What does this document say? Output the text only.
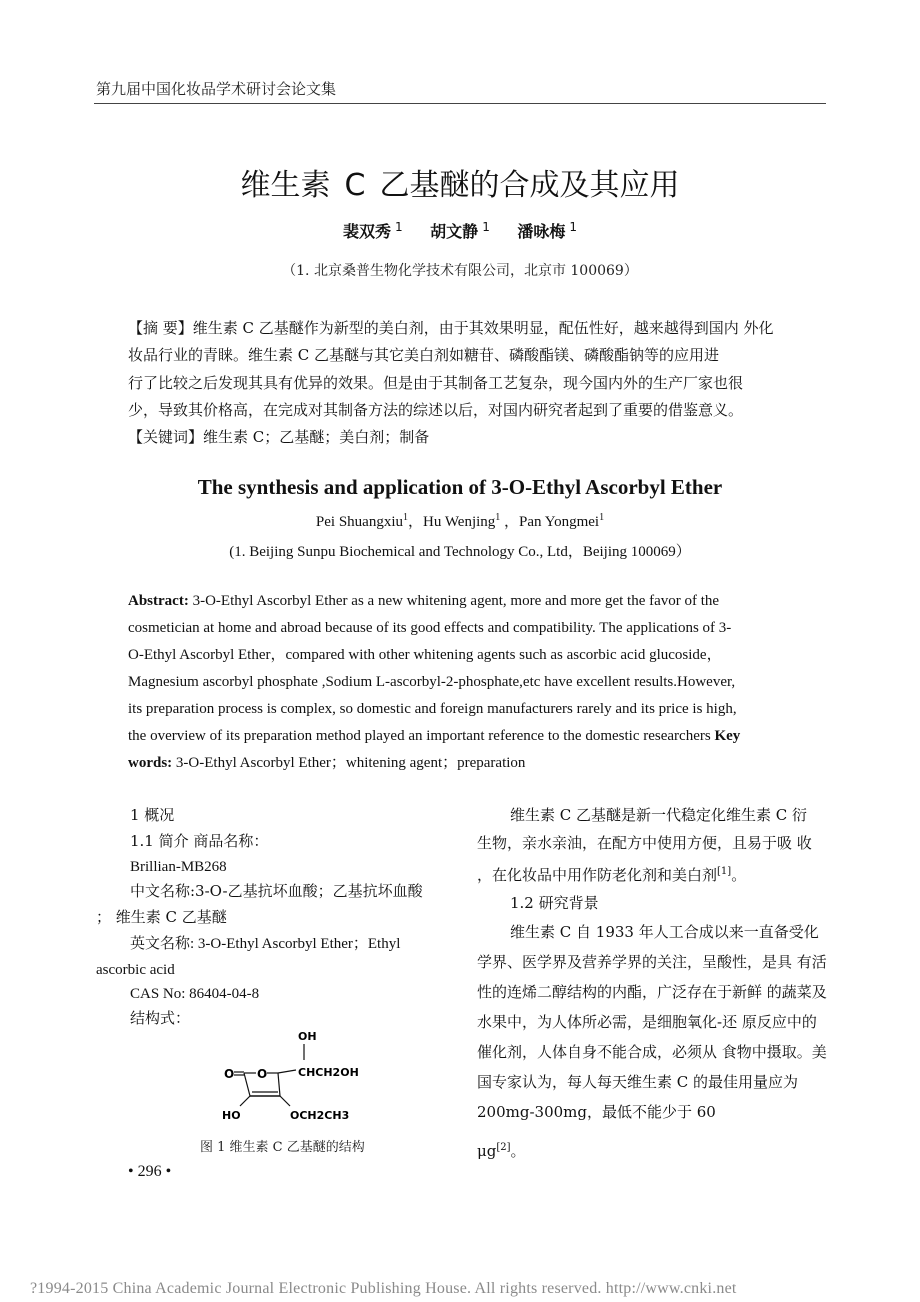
第九届中国化妆品学术研讨会论文集
维生素 C 乙基醚的合成及其应用
裴双秀 $^1$ 胡文静 $^1$ 潘咏梅 $^1$
（1. 北京桑普生物化学技术有限公司，北京市 100069）
【摘 要】维生素 C 乙基醚作为新型的美白剂，由于其效果明显，配伍性好，越来越得到国内 外化
妆品行业的青睐。维生素 C 乙基醚与其它美白剂如糖苷、磷酸酯镁、磷酸酯钠等的应用进
行了比较之后发现其具有优异的效果。但是由于其制备工艺复杂，现今国内外的生产厂家也很
少，导致其价格高，在完成对其制备方法的综述以后，对国内研究者起到了重要的借鉴意义。
【关键词】维生素 C；乙基醚；美白剂；制备
The synthesis and application of 3-O-Ethyl Ascorbyl Ether
Pei Shuangxiu$^1$，Hu Wenjing$^1$ ，Pan Yongmei$^1$
(1. Beijing Sunpu Biochemical and Technology Co., Ltd，Beijing 100069）
Abstract: 3-O-Ethyl Ascorbyl Ether as a new whitening agent, more and more get the favor of the
cosmetician at home and abroad because of its good effects and compatibility. The applications of 3-
O-Ethyl Ascorbyl Ether，compared with other whitening agents such as ascorbic acid glucoside，
Magnesium ascorbyl phosphate ,Sodium L-ascorbyl-2-phosphate,etc have excellent results.However,
its preparation process is complex, so domestic and foreign manufacturers rarely and its price is high,
the overview of its preparation method played an important reference to the domestic researchers Key
words: 3-O-Ethyl Ascorbyl Ether；whitening agent；preparation
1 概况
1.1 简介 商品名称：
Brillian-MB268
中文名称:3-O-乙基抗坏血酸；乙基抗坏血酸
； 维生素 C 乙基醚
英文名称: 3-O-Ethyl Ascorbyl Ether；Ethyl
ascorbic acid
CAS No: 86404-04-8
结构式：
OH
CHCH2OH
O O
HO	OCH2CH3
图 1 维生素 C 乙基醚的结构
维生素 C 乙基醚是新一代稳定化维生素 C 衍
生物，亲水亲油，在配方中使用方便，且易于吸 收
，在化妆品中用作防老化剂和美白剂[1]。
1.2 研究背景
维生素 C 自 1933 年人工合成以来一直备受化
学界、医学界及营养学界的关注，呈酸性，是具 有活
性的连烯二醇结构的内酯，广泛存在于新鲜 的蔬菜及
水果中，为人体所必需，是细胞氧化-还 原反应中的
催化剂，人体自身不能合成，必须从 食物中摄取。美
国专家认为，每人每天维生素 C 的最佳用量应为
200mg-300mg，最低不能少于 60
μg[2]。
• 296 •
?1994-2015 China Academic Journal Electronic Publishing House. All rights reserved. http://www.cnki.net
